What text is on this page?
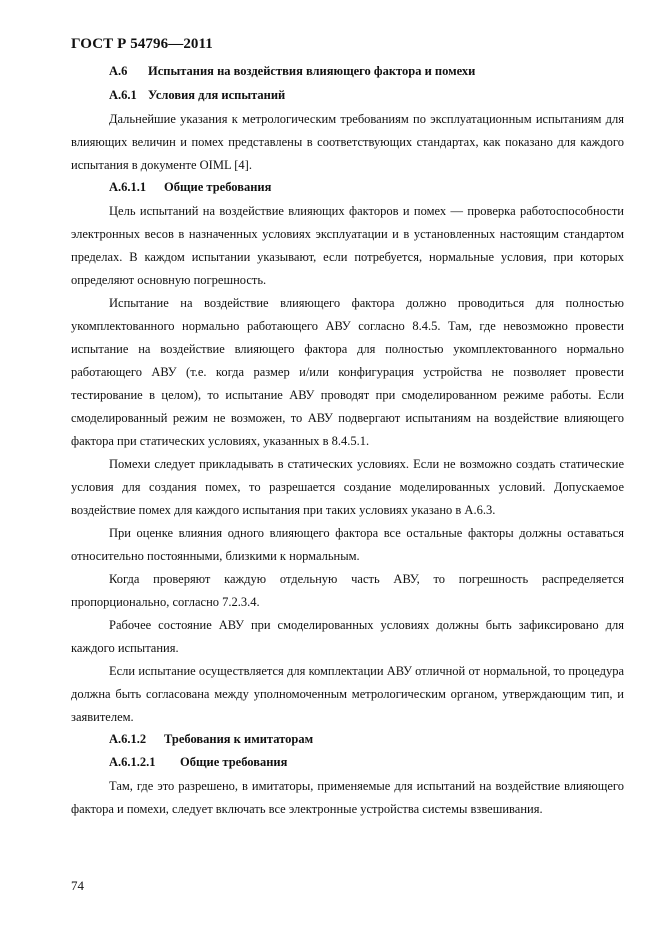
ГОСТ Р 54796—2011
А.6 Испытания на воздействия влияющего фактора и помехи
А.6.1 Условия для испытаний

Дальнейшие указания к метрологическим требованиям по эксплуатационным испытаниям для влияющих величин и помех представлены в соответствующих стандартах, как показано для каждого испытания в документе OIML [4].

А.6.1.1 Общие требования

Цель испытаний на воздействие влияющих факторов и помех — проверка работоспособности электронных весов в назначенных условиях эксплуатации и в установленных настоящим стандартом пределах. В каждом испытании указывают, если потребуется, нормальные условия, при которых определяют основную погрешность.

Испытание на воздействие влияющего фактора должно проводиться для полностью укомплектованного нормально работающего АВУ согласно 8.4.5. Там, где невозможно провести испытание на воздействие влияющего фактора для полностью укомплектованного нормально работающего АВУ (т.е. когда размер и/или конфигурация устройства не позволяет провести тестирование в целом), то испытание АВУ проводят при смоделированном режиме работы. Если смоделированный режим не возможен, то АВУ подвергают испытаниям на воздействие влияющего фактора при статических условиях, указанных в 8.4.5.1.

Помехи следует прикладывать в статических условиях. Если не возможно создать статические условия для создания помех, то разрешается создание моделированных условий. Допускаемое воздействие помех для каждого испытания при таких условиях указано в А.6.3.

При оценке влияния одного влияющего фактора все остальные факторы должны оставаться относительно постоянными, близкими к нормальным.

Когда проверяют каждую отдельную часть АВУ, то погрешность распределяется пропорционально, согласно 7.2.3.4.

Рабочее состояние АВУ при смоделированных условиях должны быть зафиксировано для каждого испытания.

Если испытание осуществляется для комплектации АВУ отличной от нормальной, то процедура должна быть согласована между уполномоченным метрологическим органом, утверждающим тип, и заявителем.

А.6.1.2 Требования к имитаторам
А.6.1.2.1 Общие требования

Там, где это разрешено, в имитаторы, применяемые для испытаний на воздействие влияющего фактора и помехи, следует включать все электронные устройства системы взвешивания.

74
